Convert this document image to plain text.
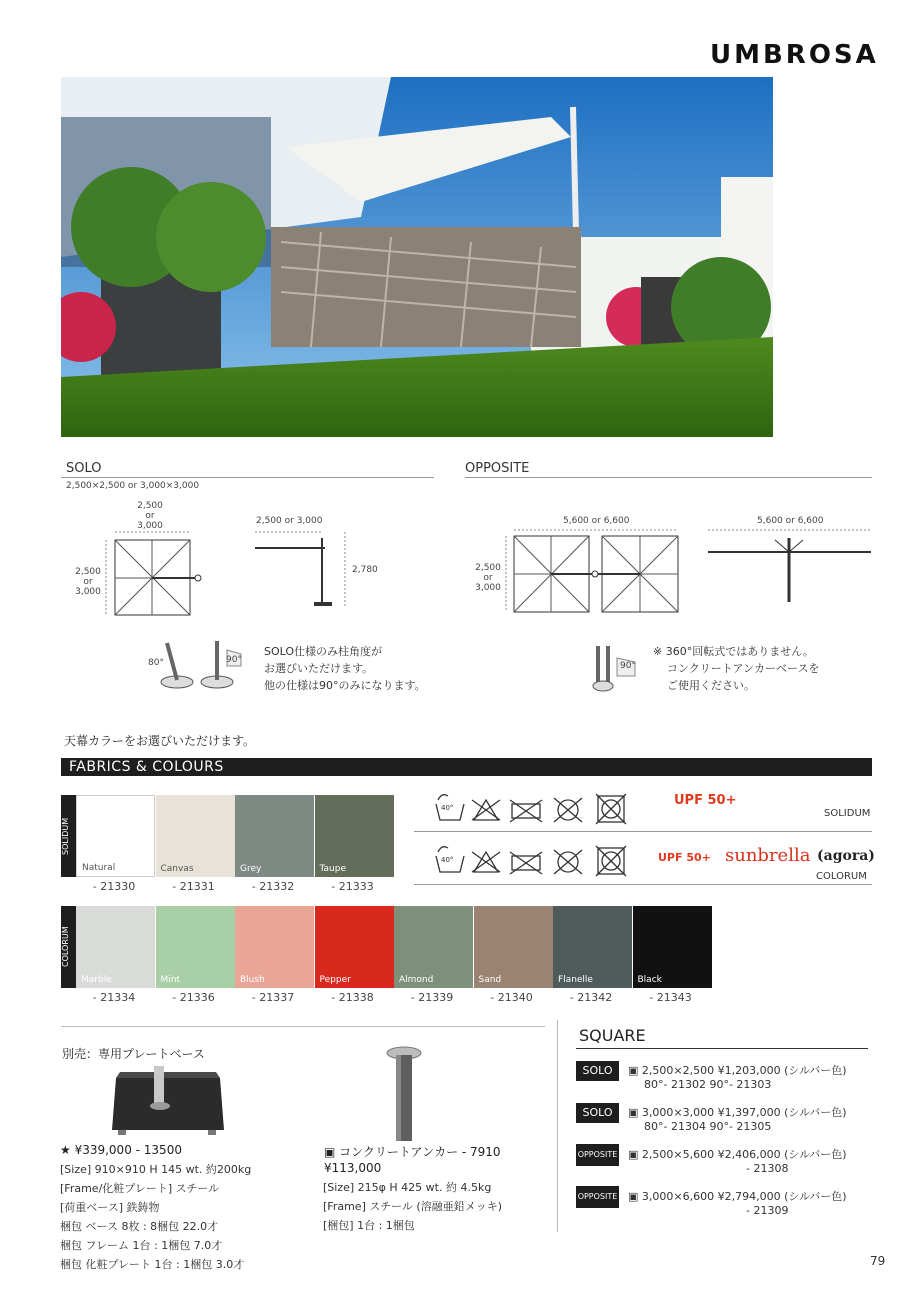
UMBROSA
SOLO
2,500×2,500 or 3,000×3,000
2,500
or
3,000
2,500
or
3,000
2,500 or 3,000
2,780
80°	90°
SOLO仕様のみ柱角度が
お選びいただけます。
他の仕様は90°のみになります。
OPPOSITE
5,600 or 6,600
2,500
or
3,000
5,600 or 6,600
90°
※ 360°回転式ではありません。
コンクリートアンカーベースを
ご使用ください。
天幕カラーをお選びいただけます。
FABRICS & COLOURS
SOLIDUM
Natural
- 21330
Canvas
- 21331
Grey
- 21332
Taupe
- 21333
40°	UPF 50+
SOLIDUM
40°	UPF 50+ sunbrella (agora)
COLORUM
COLORUM
Marble
- 21334
Mint
- 21336
Blush
- 21337
Pepper
- 21338
Almond
- 21339
Sand
- 21340
Flanelle
- 21342
Black
- 21343
別売：専用プレートベース
★ ¥339,000 - 13500
[Size] 910×910 H 145 wt. 約200kg
[Frame/化粧プレート] スチール
[荷重ベース] 鉄鋳物
梱包 ベース 8枚 : 8梱包 22.0才
梱包 フレーム 1台 : 1梱包 7.0才
梱包 化粧プレート 1台 : 1梱包 3.0才
▣ コンクリートアンカー - 7910
¥113,000
[Size] 215φ H 425 wt. 約 4.5kg
[Frame] スチール (溶融亜鉛メッキ)
[梱包] 1台 : 1梱包
SQUARE
SOLO	▣ 2,500×2,500 ¥1,203,000 (シルバー色)
80°- 21302 90°- 21303
SOLO	▣ 3,000×3,000 ¥1,397,000 (シルバー色)
80°- 21304 90°- 21305
OPPOSITE ▣ 2,500×5,600 ¥2,406,000 (シルバー色)
- 21308
OPPOSITE ▣ 3,000×6,600 ¥2,794,000 (シルバー色)
- 21309
79
